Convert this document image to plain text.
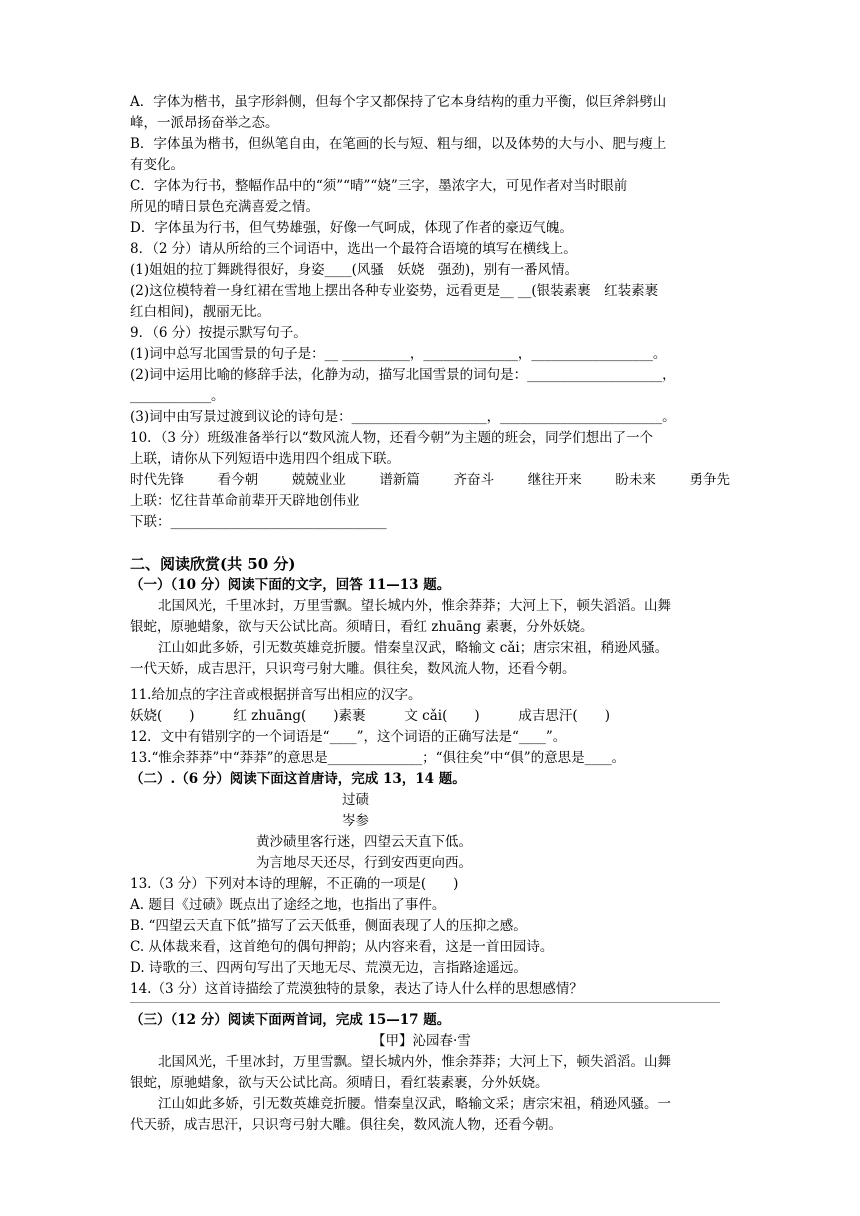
A．字体为楷书，虽字形斜侧，但每个字又都保持了它本身结构的重力平衡，似巨斧斜劈山
峰，一派昂扬奋举之态。
B．字体虽为楷书，但纵笔自由，在笔画的长与短、粗与细，以及体势的大与小、肥与瘦上
有变化。
C．字体为行书，整幅作品中的“须”“晴”“娆”三字，墨浓字大，可见作者对当时眼前
所见的晴日景色充满喜爱之情。
D．字体虽为行书，但气势雄强，好像一气呵成，体现了作者的豪迈气魄。
8．（2 分）请从所给的三个词语中，选出一个最符合语境的填写在横线上。
(1)姐姐的拉丁舞跳得很好，身姿____(风骚　妖娆　强劲)，别有一番风情。
(2)这位模特着一身红裙在雪地上摆出各种专业姿势，远看更是__ __(银装素裹　红装素裹
红白相间)，靓丽无比。
9．（6 分）按提示默写句子。
(1)词中总写北国雪景的句子是：__ __________，______________，__________________。
(2)词中运用比喻的修辞手法，化静为动，描写北国雪景的词句是：____________________，
____________。
(3)词中由写景过渡到议论的诗句是：____________________，________________________。
10．（3 分）班级准备举行以“数风流人物，还看今朝”为主题的班会，同学们想出了一个
上联，请你从下列短语中选用四个组成下联。
时代先锋 看今朝 兢兢业业 谱新篇 齐奋斗 继往开来 盼未来 勇争先
上联：忆往昔革命前辈开天辟地创伟业
下联：________________________________
二、阅读欣赏(共 50 分)
（一）（10 分）阅读下面的文字，回答 11—13 题。
北国风光，千里冰封，万里雪飘。望长城内外，惟余莽莽；大河上下，顿失滔滔。山舞
银蛇，原驰蜡象，欲与天公试比高。须晴日，看红 zhuāng 素裹，分外妖娆。
江山如此多娇，引无数英雄竞折腰。惜秦皇汉武，略输文 cǎi；唐宗宋祖，稍逊风骚。
一代天娇，成吉思汗，只识弯弓射大雕。俱往矣，数风流人物，还看今朝。
11.给加点的字注音或根据拼音写出相应的汉字。
妖娆(　　)	红 zhuāng(　　)素裹	文 cǎi(　　)	成吉思汗(　　)
12．文中有错别字的一个词语是“____”，这个词语的正确写法是“____”。
13.“惟余莽莽”中“莽莽”的意思是______________；“俱往矣”中“俱”的意思是____。
（二）.（6 分）阅读下面这首唐诗，完成 13，14 题。
过碛
岑参
黄沙碛里客行迷，四望云天直下低。
为言地尽天还尽，行到安西更向西。
13.（3 分）下列对本诗的理解，不正确的一项是(　　)
A. 题目《过碛》既点出了途经之地，也指出了事件。
B. “四望云天直下低”描写了云天低垂，侧面表现了人的压抑之感。
C. 从体裁来看，这首绝句的偶句押韵；从内容来看，这是一首田园诗。
D. 诗歌的三、四两句写出了天地无尽、荒漠无边，言指路途遥远。
14.（3 分）这首诗描绘了荒漠独特的景象，表达了诗人什么样的思想感情？
（三）（12 分）阅读下面两首词，完成 15—17 题。
【甲】沁园春·雪
北国风光，千里冰封，万里雪飘。望长城内外，惟余莽莽；大河上下，顿失滔滔。山舞
银蛇，原驰蜡象，欲与天公试比高。须晴日，看红装素裹，分外妖娆。
江山如此多娇，引无数英雄竞折腰。惜秦皇汉武，略输文采；唐宗宋祖，稍逊风骚。一
代天骄，成吉思汗，只识弯弓射大雕。俱往矣，数风流人物，还看今朝。
